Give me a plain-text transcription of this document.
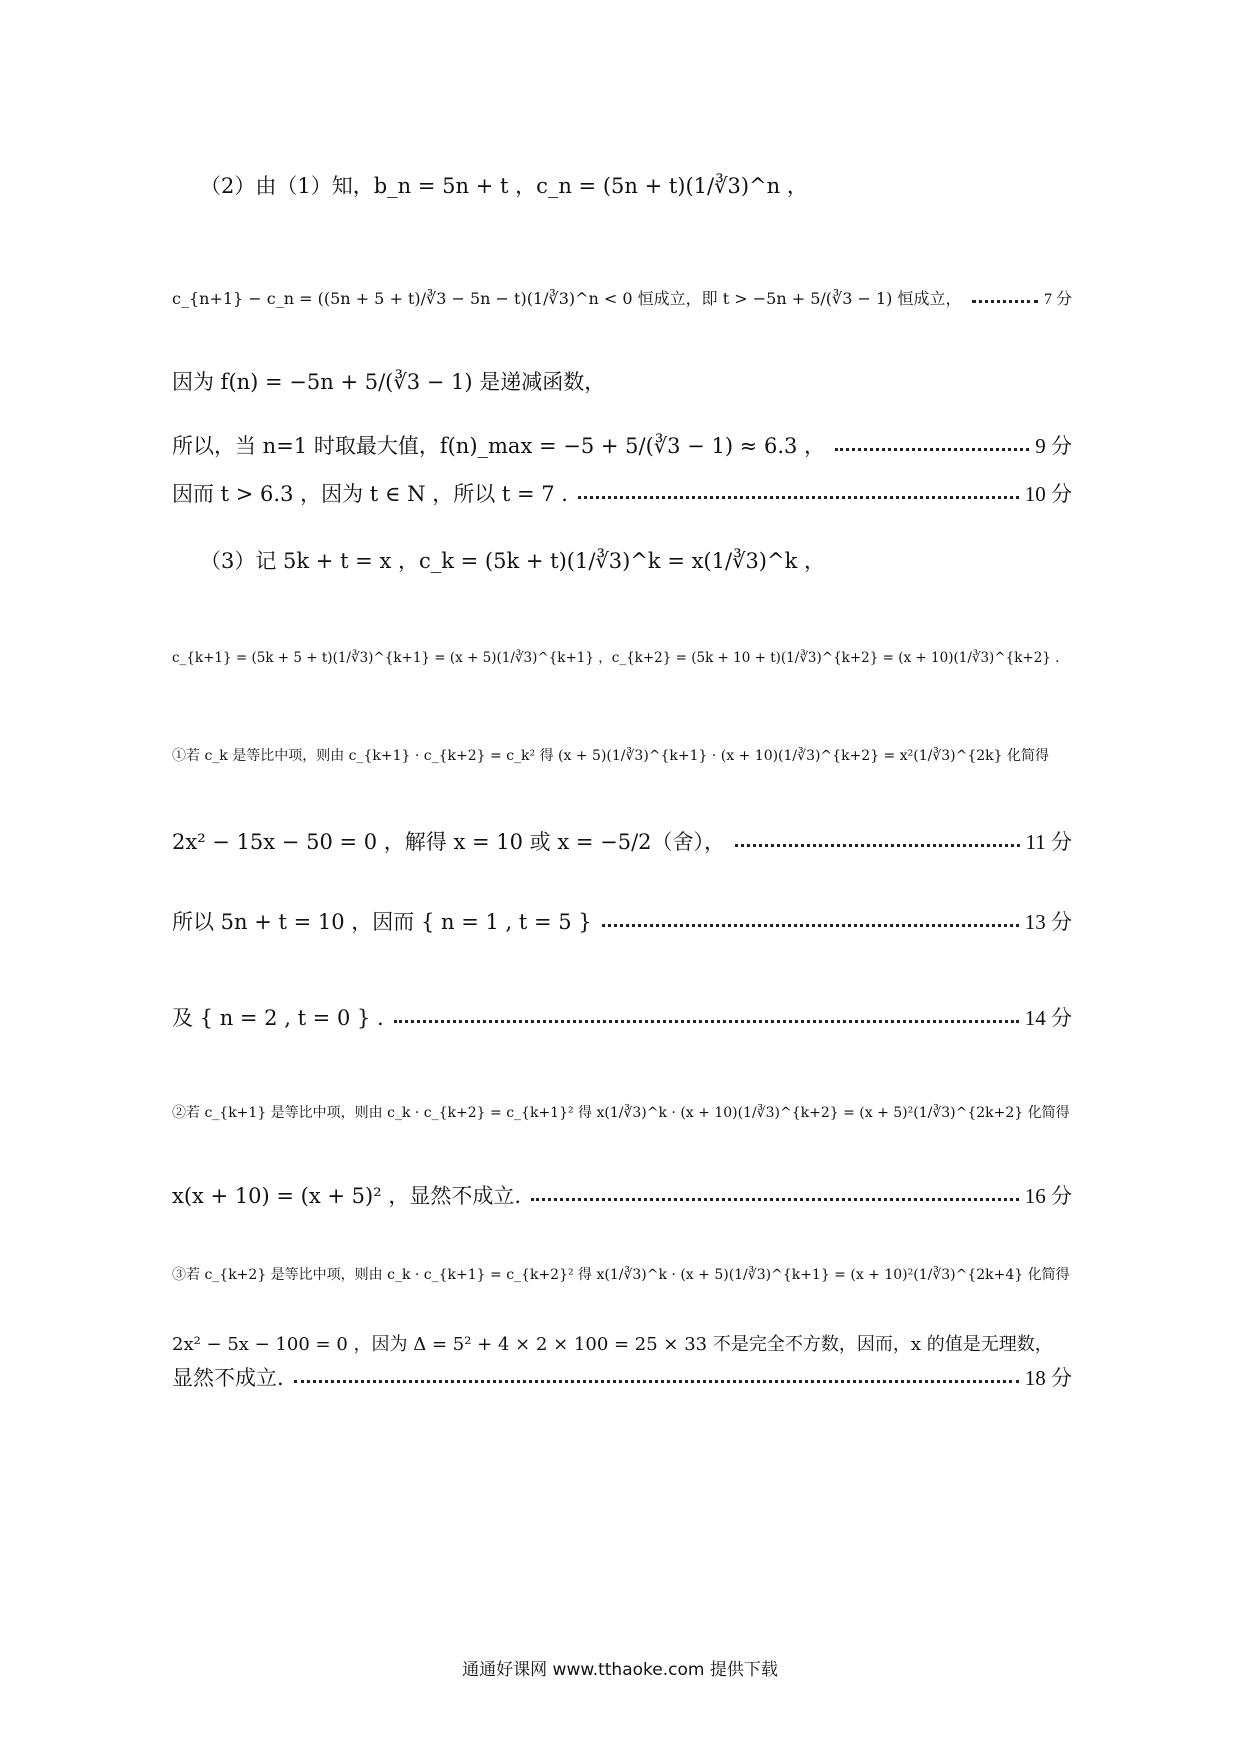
（2）由（1）知，b_n = 5n + t ，c_n = (5n + t)(1/∛3)^n ，
c_{n+1} − c_n = ((5n + 5 + t)/∛3 − 5n − t)(1/∛3)^n < 0 恒成立，即 t > −5n + 5/(∛3 − 1) 恒成立，	7 分
因为 f(n) = −5n + 5/(∛3 − 1) 是递减函数，
所以，当 n=1 时取最大值，f(n)_max = −5 + 5/(∛3 − 1) ≈ 6.3 ，	9 分
因而 t > 6.3 ，因为 t ∈ N ，所以 t = 7 .	10 分
（3）记 5k + t = x ，c_k = (5k + t)(1/∛3)^k = x(1/∛3)^k ，
c_{k+1} = (5k + 5 + t)(1/∛3)^{k+1} = (x + 5)(1/∛3)^{k+1} ，c_{k+2} = (5k + 10 + t)(1/∛3)^{k+2} = (x + 10)(1/∛3)^{k+2} .
①若 c_k 是等比中项，则由 c_{k+1} · c_{k+2} = c_k² 得 (x + 5)(1/∛3)^{k+1} · (x + 10)(1/∛3)^{k+2} = x²(1/∛3)^{2k} 化简得
2x² − 15x − 50 = 0 ，解得 x = 10 或 x = −5/2（舍），	11 分
所以 5n + t = 10 ，因而 { n = 1 , t = 5 }	13 分
及 { n = 2 , t = 0 } .	14 分
②若 c_{k+1} 是等比中项，则由 c_k · c_{k+2} = c_{k+1}² 得 x(1/∛3)^k · (x + 10)(1/∛3)^{k+2} = (x + 5)²(1/∛3)^{2k+2} 化简得
x(x + 10) = (x + 5)² ，显然不成立.	16 分
③若 c_{k+2} 是等比中项，则由 c_k · c_{k+1} = c_{k+2}² 得 x(1/∛3)^k · (x + 5)(1/∛3)^{k+1} = (x + 10)²(1/∛3)^{2k+4} 化简得
2x² − 5x − 100 = 0 ，因为 Δ = 5² + 4 × 2 × 100 = 25 × 33 不是完全不方数，因而，x 的值是无理数，
显然不成立.	18 分
通通好课网 www.tthaoke.com 提供下载
